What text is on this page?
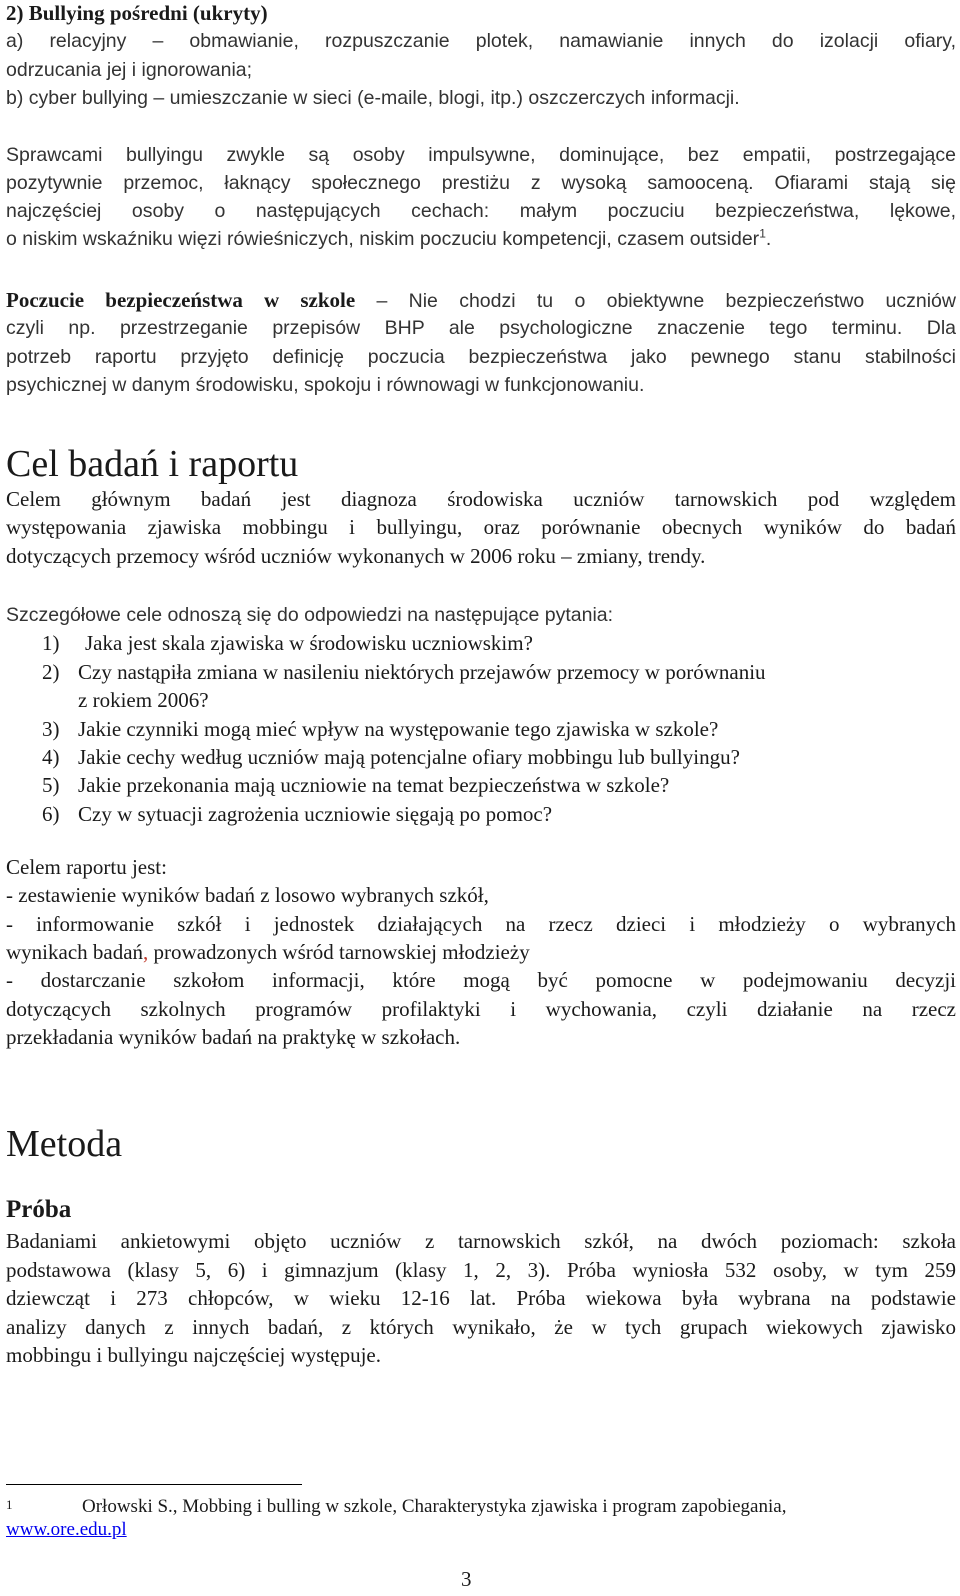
2) Bullying pośredni (ukryty)
a) relacyjny – obmawianie, rozpuszczanie plotek, namawianie innych do izolacji ofiary,
odrzucania jej i ignorowania;
b) cyber bullying – umieszczanie w sieci (e-maile, blogi, itp.) oszczerczych informacji.
Sprawcami bullyingu zwykle są osoby impulsywne, dominujące, bez empatii, postrzegające
pozytywnie przemoc, łaknący społecznego prestiżu z wysoką samooceną. Ofiarami stają się
najczęściej osoby o następujących cechach: małym poczuciu bezpieczeństwa, lękowe,
o niskim wskaźniku więzi rówieśniczych, niskim poczuciu kompetencji, czasem outsider$^1$.
Poczucie bezpieczeństwa w szkole – Nie chodzi tu o obiektywne bezpieczeństwo uczniów
czyli np. przestrzeganie przepisów BHP ale psychologiczne znaczenie tego terminu. Dla
potrzeb raportu przyjęto definicję poczucia bezpieczeństwa jako pewnego stanu stabilności
psychicznej w danym środowisku, spokoju i równowagi w funkcjonowaniu.
Cel badań i raportu
Celem głównym badań jest diagnoza środowiska uczniów tarnowskich pod względem
występowania zjawiska mobbingu i bullyingu, oraz porównanie obecnych wyników do badań
dotyczących przemocy wśród uczniów wykonanych w 2006 roku – zmiany, trendy.
Szczegółowe cele odnoszą się do odpowiedzi na następujące pytania:
1) Jaka jest skala zjawiska w środowisku uczniowskim?
2) Czy nastąpiła zmiana w nasileniu niektórych przejawów przemocy w porównaniu
z rokiem 2006?
3) Jakie czynniki mogą mieć wpływ na występowanie tego zjawiska w szkole?
4) Jakie cechy według uczniów mają potencjalne ofiary mobbingu lub bullyingu?
5) Jakie przekonania mają uczniowie na temat bezpieczeństwa w szkole?
6) Czy w sytuacji zagrożenia uczniowie sięgają po pomoc?
Celem raportu jest:
- zestawienie wyników badań z losowo wybranych szkół,
- informowanie szkół i jednostek działających na rzecz dzieci i młodzieży o wybranych
wynikach badań, prowadzonych wśród tarnowskiej młodzieży
- dostarczanie szkołom informacji, które mogą być pomocne w podejmowaniu decyzji
dotyczących szkolnych programów profilaktyki i wychowania, czyli działanie na rzecz
przekładania wyników badań na praktykę w szkołach.
Metoda
Próba
Badaniami ankietowymi objęto uczniów z tarnowskich szkół, na dwóch poziomach: szkoła
podstawowa (klasy 5, 6) i gimnazjum (klasy 1, 2, 3). Próba wyniosła 532 osoby, w tym 259
dziewcząt i 273 chłopców, w wieku 12-16 lat. Próba wiekowa była wybrana na podstawie
analizy danych z innych badań, z których wynikało, że w tych grupach wiekowych zjawisko
mobbingu i bullyingu najczęściej występuje.
1	Orłowski S., Mobbing i bulling w szkole, Charakterystyka zjawiska i program zapobiegania,
www.ore.edu.pl
3
